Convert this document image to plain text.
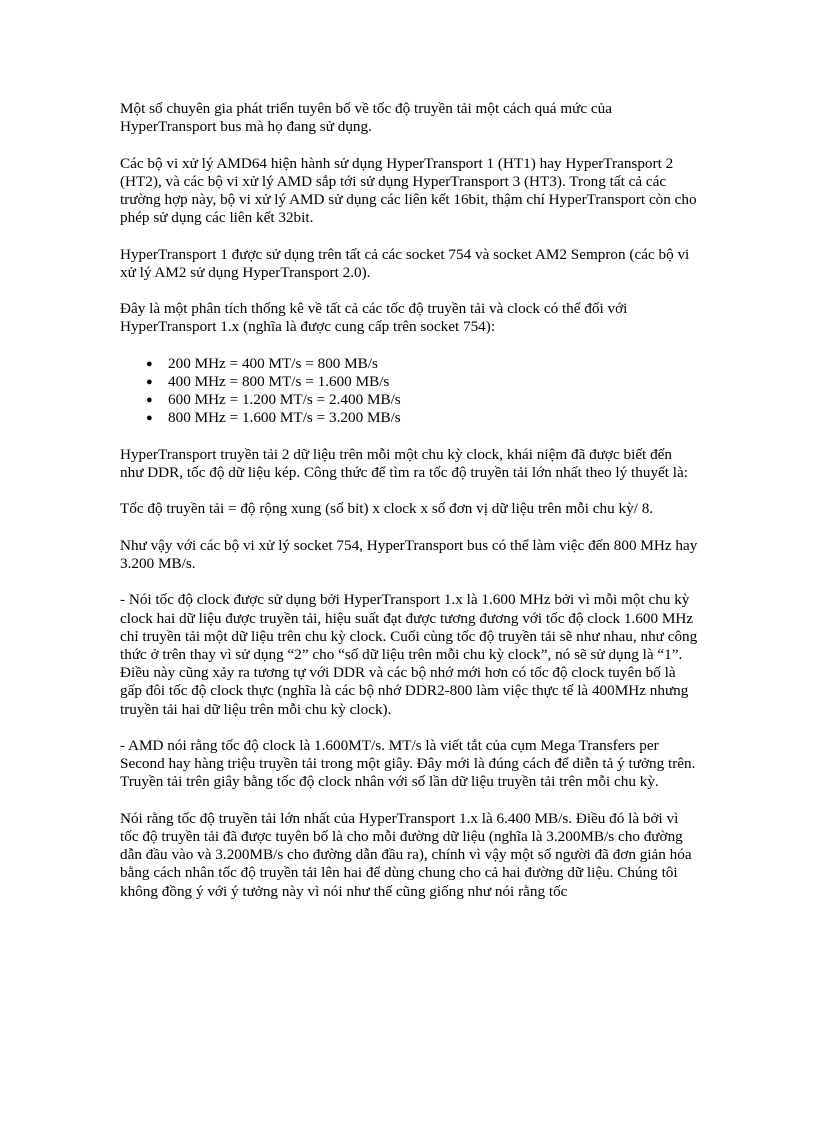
Một số chuyên gia phát triển tuyên bố về tốc độ truyền tải một cách quá mức của HyperTransport bus mà họ đang sử dụng.

Các bộ vi xử lý AMD64 hiện hành sử dụng HyperTransport 1 (HT1) hay HyperTransport 2 (HT2), và các bộ vi xử lý AMD sắp tới sử dụng HyperTransport 3 (HT3). Trong tất cả các trường hợp này, bộ vi xử lý AMD sử dụng các liên kết 16bit, thậm chí HyperTransport còn cho phép sử dụng các liên kết 32bit.

HyperTransport 1 được sử dụng trên tất cả các socket 754 và socket AM2 Sempron (các bộ vi xử lý AM2 sử dụng HyperTransport 2.0).

Đây là một phân tích thống kê về tất cả các tốc độ truyền tải và clock có thể đối với HyperTransport 1.x (nghĩa là được cung cấp trên socket 754):

● 200 MHz = 400 MT/s = 800 MB/s
● 400 MHz = 800 MT/s = 1.600 MB/s
● 600 MHz = 1.200 MT/s = 2.400 MB/s
● 800 MHz = 1.600 MT/s = 3.200 MB/s

HyperTransport truyền tải 2 dữ liệu trên mỗi một chu kỳ clock, khái niệm đã được biết đến như DDR, tốc độ dữ liệu kép. Công thức để tìm ra tốc độ truyền tải lớn nhất theo lý thuyết là:

Tốc độ truyền tải = độ rộng xung (số bit) x clock x số đơn vị dữ liệu trên mỗi chu kỳ/ 8.

Như vậy với các bộ vi xử lý socket 754, HyperTransport bus có thể làm việc đến 800 MHz hay 3.200 MB/s.

- Nói tốc độ clock được sử dụng bởi HyperTransport 1.x là 1.600 MHz bởi vì mỗi một chu kỳ clock hai dữ liệu được truyền tải, hiệu suất đạt được tương đương với tốc độ clock 1.600 MHz chỉ truyền tải một dữ liệu trên chu kỳ clock. Cuối cùng tốc độ truyền tải sẽ như nhau, như công thức ở trên thay vì sử dụng “2” cho “số dữ liệu trên mỗi chu kỳ clock”, nó sẽ sử dụng là “1”. Điều này cũng xảy ra tương tự với DDR và các bộ nhớ mới hơn có tốc độ clock tuyên bố là gấp đôi tốc độ clock thực (nghĩa là các bộ nhớ DDR2-800 làm việc thực tế là 400MHz nhưng truyền tải hai dữ liệu trên mỗi chu kỳ clock).

- AMD nói rằng tốc độ clock là 1.600MT/s. MT/s là viết tắt của cụm Mega Transfers per Second hay hàng triệu truyền tải trong một giây. Đây mới là đúng cách để diễn tả ý tưởng trên. Truyền tải trên giây bằng tốc độ clock nhân với số lần dữ liệu truyền tải trên mỗi chu kỳ.

Nói rằng tốc độ truyền tải lớn nhất của HyperTransport 1.x là 6.400 MB/s. Điều đó là bởi vì tốc độ truyền tải đã được tuyên bố là cho mỗi đường dữ liệu (nghĩa là 3.200MB/s cho đường dẫn đầu vào và 3.200MB/s cho đường dẫn đầu ra), chính vì vậy một số người đã đơn giản hóa bằng cách nhân tốc độ truyền tải lên hai để dùng chung cho cả hai đường dữ liệu. Chúng tôi không đồng ý với ý tưởng này vì nói như thế cũng giống như nói rằng tốc
